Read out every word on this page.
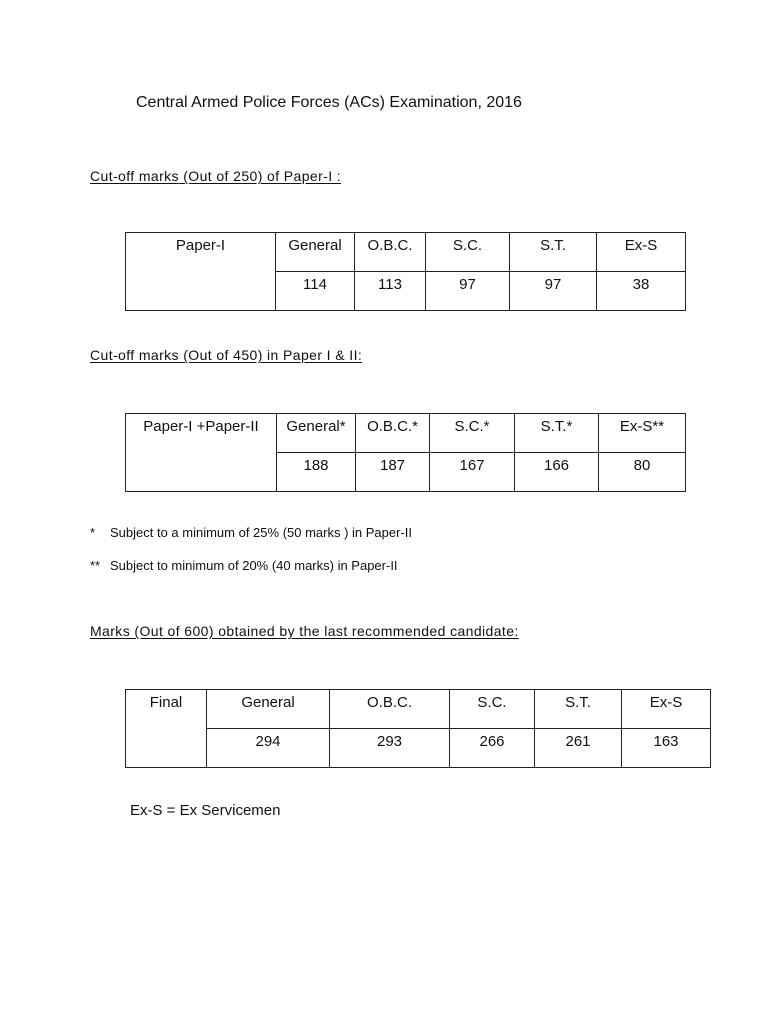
Central Armed Police Forces (ACs) Examination, 2016
Cut-off marks (Out of 250) of Paper-I :
Paper-I	General	O.B.C.	S.C.	S.T.	Ex-S

	114	113	97	97	38
Cut-off marks (Out of 450) in Paper I & II:
Paper-I +Paper-II	General*	O.B.C.*	S.C.*	S.T.*	Ex-S**

	188	187	167	166	80
* Subject to a minimum of 25% (50 marks ) in Paper-II
** Subject to minimum of 20% (40 marks) in Paper-II
Marks (Out of 600) obtained by the last recommended candidate:
Final	General	O.B.C.	S.C.	S.T.	Ex-S

	294	293	266	261	163
Ex-S = Ex Servicemen
